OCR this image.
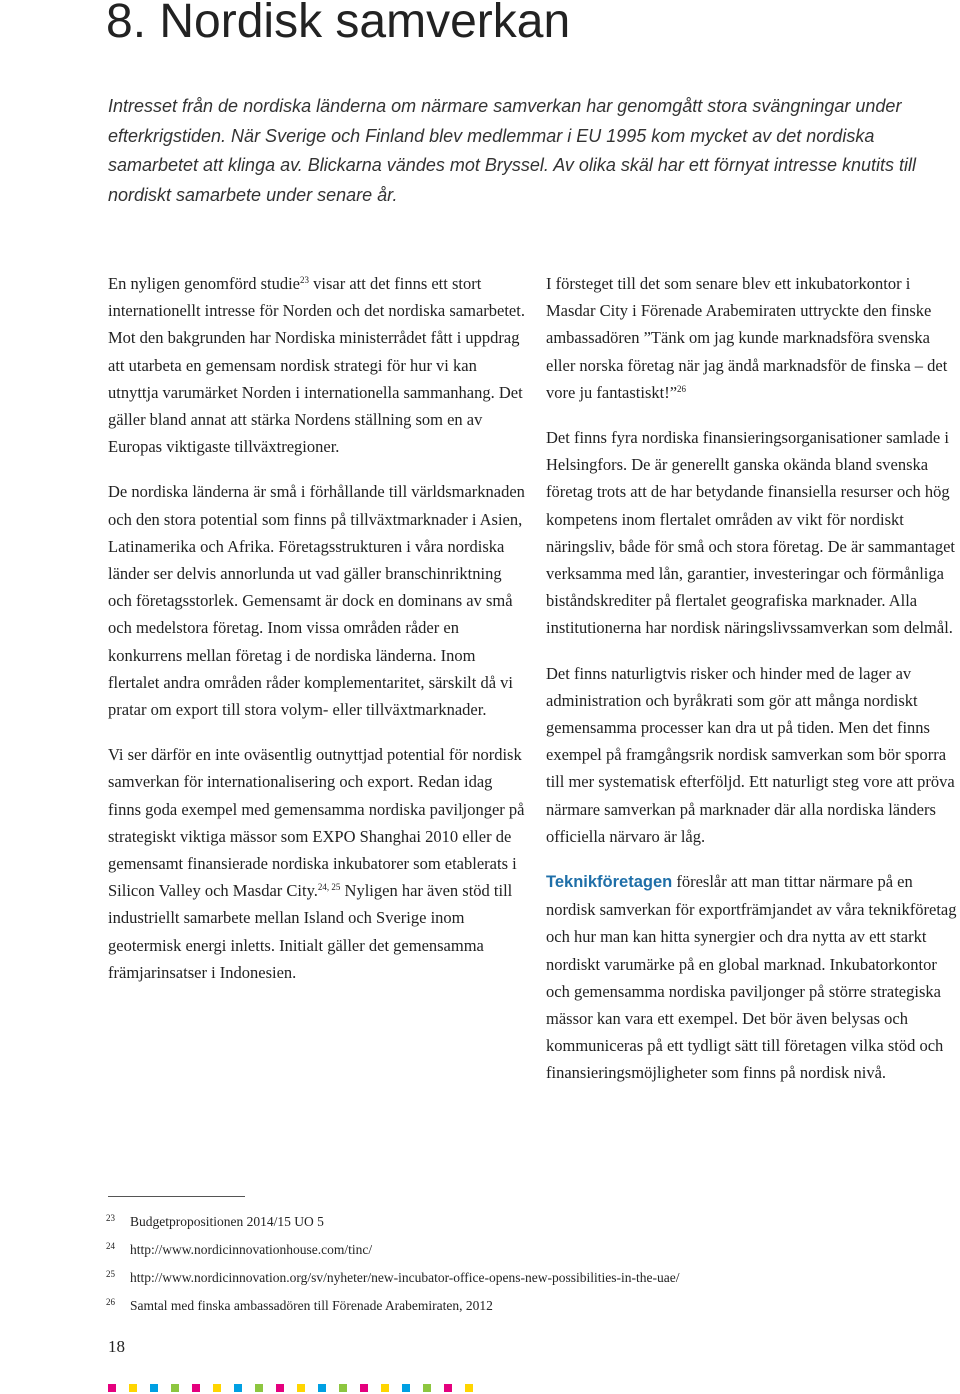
8. Nordisk samverkan

Intresset från de nordiska länderna om närmare samverkan har genomgått stora svängningar under efterkrigstiden. När Sverige och Finland blev medlemmar i EU 1995 kom mycket av det nordiska samarbetet att klinga av. Blickarna vändes mot Bryssel. Av olika skäl har ett förnyat intresse knutits till nordiskt samarbete under senare år.

En nyligen genomförd studie$^{23}$ visar att det finns ett stort internationellt intresse för Norden och det nordiska samarbetet. Mot den bakgrunden har Nordiska ministerrådet fått i uppdrag att utarbeta en gemensam nordisk strategi för hur vi kan utnyttja varumärket Norden i internationella sammanhang. Det gäller bland annat att stärka Nordens ställning som en av Europas viktigaste tillväxtregioner.

De nordiska länderna är små i förhållande till världsmarknaden och den stora potential som finns på tillväxtmarknader i Asien, Latinamerika och Afrika. Företagsstrukturen i våra nordiska länder ser delvis annorlunda ut vad gäller branschinriktning och företagsstorlek. Gemensamt är dock en dominans av små och medelstora företag. Inom vissa områden råder en konkurrens mellan företag i de nordiska länderna. Inom flertalet andra områden råder komplementaritet, särskilt då vi pratar om export till stora volym- eller tillväxtmarknader.

Vi ser därför en inte oväsentlig outnyttjad potential för nordisk samverkan för internationalisering och export. Redan idag finns goda exempel med gemensamma nordiska paviljonger på strategiskt viktiga mässor som EXPO Shanghai 2010 eller de gemensamt finansierade nordiska inkubatorer som etablerats i Silicon Valley och Masdar City.$^{24, 25}$ Nyligen har även stöd till industriellt samarbete mellan Island och Sverige inom geotermisk energi inletts. Initialt gäller det gemensamma främjarinsatser i Indonesien.

I försteget till det som senare blev ett inkubatorkontor i Masdar City i Förenade Arabemiraten uttryckte den finske ambassadören ”Tänk om jag kunde marknadsföra svenska eller norska företag när jag ändå marknadsför de finska – det vore ju fantastiskt!”$^{26}$

Det finns fyra nordiska finansieringsorganisationer samlade i Helsingfors. De är generellt ganska okända bland svenska företag trots att de har betydande finansiella resurser och hög kompetens inom flertalet områden av vikt för nordiskt näringsliv, både för små och stora företag. De är sammantaget verksamma med lån, garantier, investeringar och förmånliga biståndskrediter på flertalet geografiska marknader. Alla institutionerna har nordisk näringslivssamverkan som delmål.

Det finns naturligtvis risker och hinder med de lager av administration och byråkrati som gör att många nordiskt gemensamma processer kan dra ut på tiden. Men det finns exempel på framgångsrik nordisk samverkan som bör sporra till mer systematisk efterföljd. Ett naturligt steg vore att pröva närmare samverkan på marknader där alla nordiska länders officiella närvaro är låg.

Teknikföretagen föreslår att man tittar närmare på en nordisk samverkan för exportfrämjandet av våra teknikföretag och hur man kan hitta synergier och dra nytta av ett starkt nordiskt varumärke på en global marknad. Inkubatorkontor och gemensamma nordiska paviljonger på större strategiska mässor kan vara ett exempel. Det bör även belysas och kommuniceras på ett tydligt sätt till företagen vilka stöd och finansieringsmöjligheter som finns på nordisk nivå.

23 Budgetpropositionen 2014/15 UO 5
24 http://www.nordicinnovationhouse.com/tinc/
25 http://www.nordicinnovation.org/sv/nyheter/new-incubator-office-opens-new-possibilities-in-the-uae/
26 Samtal med finska ambassadören till Förenade Arabemiraten, 2012
18
